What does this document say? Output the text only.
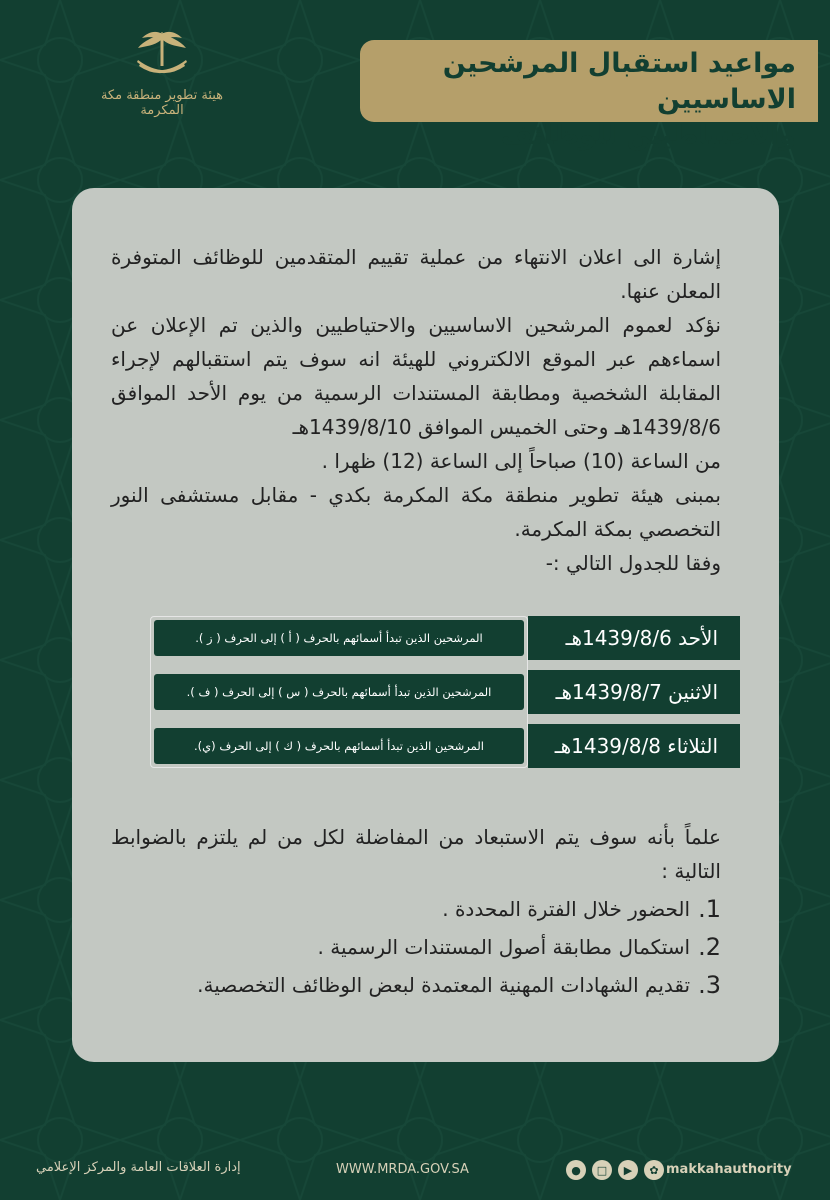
هيئة تطوير منطقة مكة المكرمة
مواعيد استقبال المرشحين الاساسيين
والاحتياطيين للوظائف

إشارة الى اعلان الانتهاء من عملية تقييم المتقدمين للوظائف المتوفرة المعلن عنها.

نؤكد لعموم المرشحين الاساسيين والاحتياطيين والذين تم الإعلان عن اسماءهم عبر الموقع الالكتروني للهيئة انه سوف يتم استقبالهم لإجراء المقابلة الشخصية ومطابقة المستندات الرسمية من يوم الأحد الموافق 1439/8/6هـ وحتى الخميس الموافق 1439/8/10هـ

من الساعة (10) صباحاً إلى الساعة (12) ظهرا .

بمبنى هيئة تطوير منطقة مكة المكرمة بكدي - مقابل مستشفى النور التخصصي بمكة المكرمة.

وفقا للجدول التالي :-

الأحد 1439/8/6هـ
المرشحين الذين تبدأ أسمائهم بالحرف ( أ ) إلى الحرف ( ز ).
الاثنين 1439/8/7هـ
المرشحين الذين تبدأ أسمائهم بالحرف ( س ) إلى الحرف ( ف ).
الثلاثاء 1439/8/8هـ
المرشحين الذين تبدأ أسمائهم بالحرف ( ك ) إلى الحرف (ي).

علماً بأنه سوف يتم الاستبعاد من المفاضلة لكل من لم يلتزم بالضوابط التالية :

1.
الحضور خلال الفترة المحددة .
2.
استكمال مطابقة أصول المستندات الرسمية .
3.
تقديم الشهادات المهنية المعتمدة لبعض الوظائف التخصصية.
إدارة العلاقات العامة والمركز الإعلامي	WWW.MRDA.GOV.SA	●	□	▶	✿ makkahauthority
